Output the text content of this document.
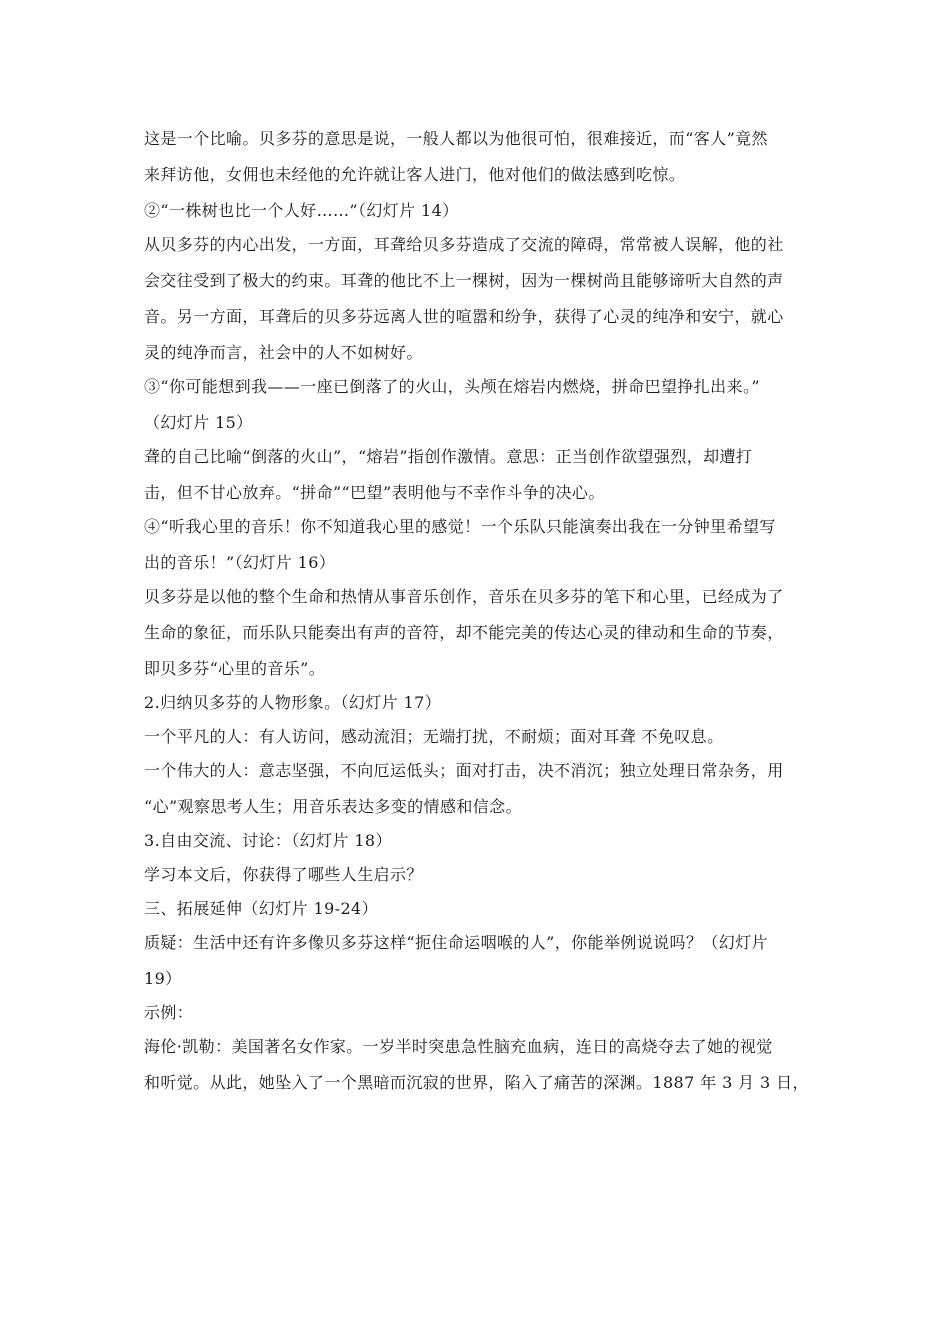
这是一个比喻。贝多芬的意思是说，一般人都以为他很可怕，很难接近，而“客人”竟然
来拜访他，女佣也未经他的允许就让客人进门，他对他们的做法感到吃惊。
②“一株树也比一个人好……”（幻灯片 14）
从贝多芬的内心出发，一方面，耳聋给贝多芬造成了交流的障碍，常常被人误解，他的社
会交往受到了极大的约束。耳聋的他比不上一棵树，因为一棵树尚且能够谛听大自然的声
音。另一方面，耳聋后的贝多芬远离人世的喧嚣和纷争，获得了心灵的纯净和安宁，就心
灵的纯净而言，社会中的人不如树好。
③“你可能想到我——一座已倒落了的火山，头颅在熔岩内燃烧，拼命巴望挣扎出来。”
（幻灯片 15）
聋的自己比喻“倒落的火山”，“熔岩”指创作激情。意思：正当创作欲望强烈，却遭打
击，但不甘心放弃。“拼命”“巴望”表明他与不幸作斗争的决心。
④“听我心里的音乐！你不知道我心里的感觉！一个乐队只能演奏出我在一分钟里希望写
出的音乐！”（幻灯片 16）
贝多芬是以他的整个生命和热情从事音乐创作，音乐在贝多芬的笔下和心里，已经成为了
生命的象征，而乐队只能奏出有声的音符，却不能完美的传达心灵的律动和生命的节奏，
即贝多芬“心里的音乐”。
2.归纳贝多芬的人物形象。（幻灯片 17）
一个平凡的人：有人访问，感动流泪；无端打扰，不耐烦；面对耳聋 不免叹息。
一个伟大的人：意志坚强，不向厄运低头；面对打击，决不消沉；独立处理日常杂务，用
“心”观察思考人生；用音乐表达多变的情感和信念。
3.自由交流、讨论：（幻灯片 18）
学习本文后，你获得了哪些人生启示？
三、拓展延伸（幻灯片 19-24）
质疑：生活中还有许多像贝多芬这样“扼住命运咽喉的人”，你能举例说说吗？（幻灯片
19）
示例：
海伦·凯勒：美国著名女作家。一岁半时突患急性脑充血病，连日的高烧夺去了她的视觉
和听觉。从此，她坠入了一个黑暗而沉寂的世界，陷入了痛苦的深渊。1887 年 3 月 3 日，
